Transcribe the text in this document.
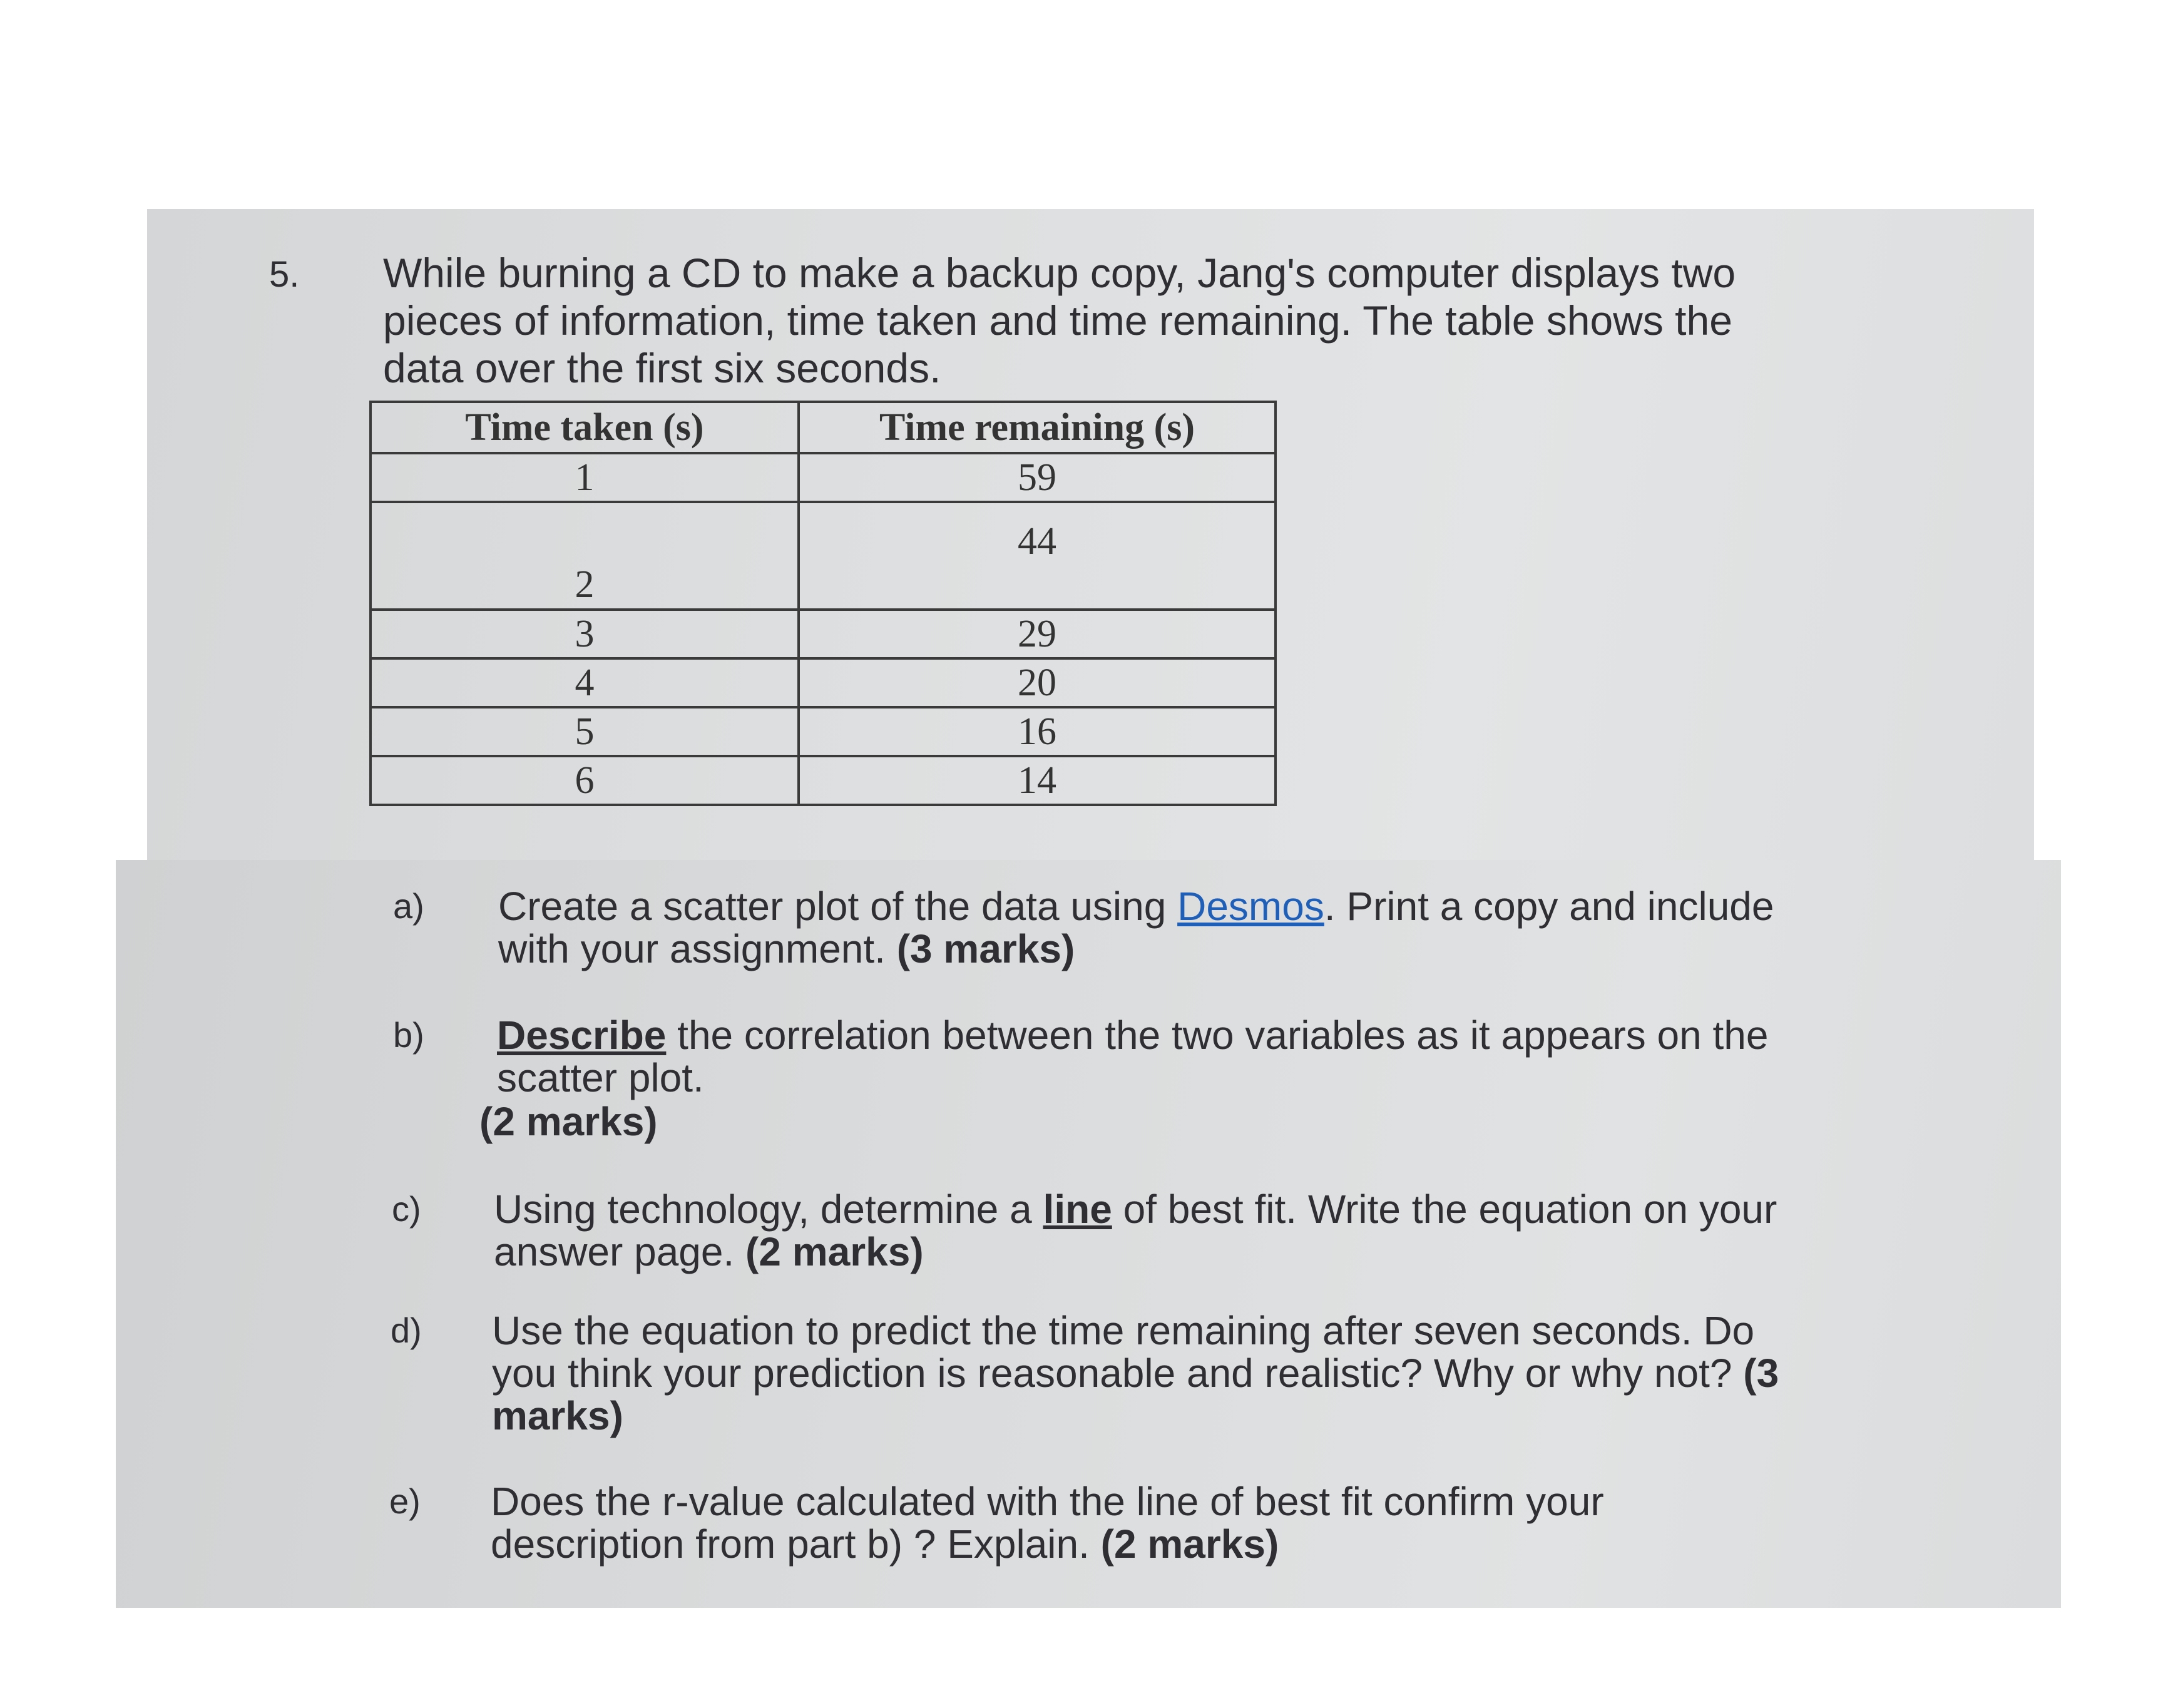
5. While burning a CD to make a backup copy, Jang's computer displays two pieces of information, time taken and time remaining. The table shows the data over the first six seconds.
Time taken (s)	Time remaining (s)
1	59
2	44
3	29
4	20
5	16
6	14
a) Create a scatter plot of the data using Desmos. Print a copy and include with your assignment. (3 marks)
b) Describe the correlation between the two variables as it appears on the scatter plot.
(2 marks)
c) Using technology, determine a line of best fit. Write the equation on your answer page. (2 marks)
d) Use the equation to predict the time remaining after seven seconds. Do you think your prediction is reasonable and realistic? Why or why not? (3 marks)
e) Does the r-value calculated with the line of best fit confirm your description from part b) ? Explain. (2 marks)
